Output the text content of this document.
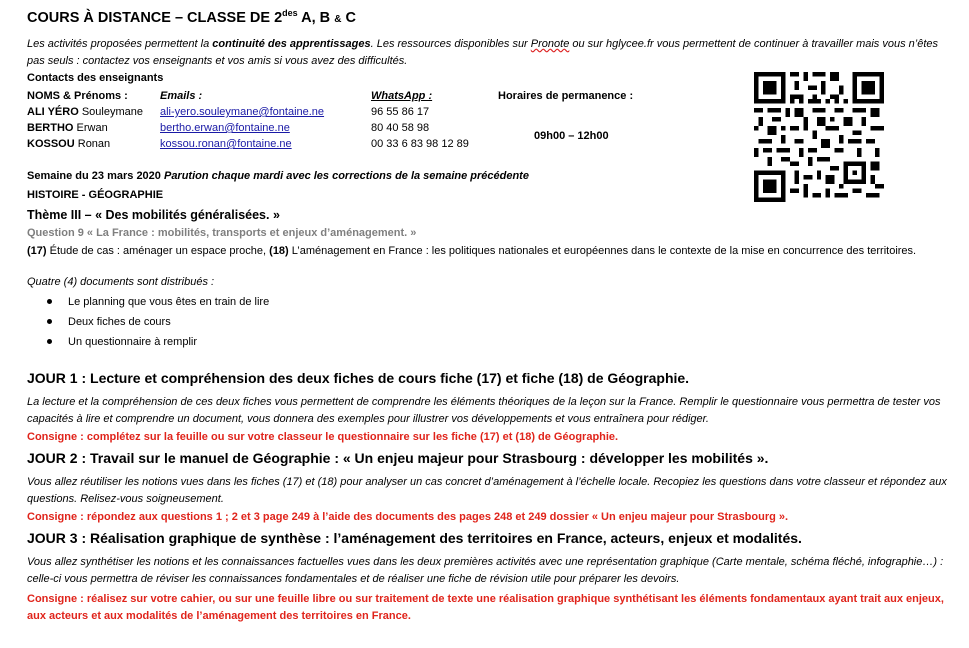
COURS À DISTANCE – CLASSE DE $2^{des}$ A, B & C
Les activités proposées permettent la continuité des apprentissages. Les ressources disponibles sur Pronote ou sur hglycee.fr vous permettent de continuer à travailler mais vous n’êtes pas seuls : contactez vos enseignants et vos amis si vous avez des difficultés.
Contacts des enseignants
NOMS & Prénoms :	Emails :	WhatsApp :	Horaires de permanence :
ALI YÉRO Souleymane ali-yero.souleymane@fontaine.ne	96 55 86 17
BERTHO Erwan	bertho.erwan@fontaine.ne	80 40 58 98
KOSSOU Ronan	kossou.ronan@fontaine.ne	00 33 6 83 98 12 89
09h00 – 12h00
Semaine du 23 mars 2020 Parution chaque mardi avec les corrections de la semaine précédente
HISTOIRE - GÉOGRAPHIE
Thème III – « Des mobilités généralisées. »
Question 9 « La France : mobilités, transports et enjeux d’aménagement. »
(17) Étude de cas : aménager un espace proche, (18) L’aménagement en France : les politiques nationales et européennes dans le contexte de la mise en concurrence des territoires.
Quatre (4) documents sont distribués :
Le planning que vous êtes en train de lire
Deux fiches de cours
Un questionnaire à remplir
JOUR 1 : Lecture et compréhension des deux fiches de cours fiche (17) et fiche (18) de Géographie.
La lecture et la compréhension de ces deux fiches vous permettent de comprendre les éléments théoriques de la leçon sur la France. Remplir le questionnaire vous permettra de tester vos capacités à lire et comprendre un document, vous donnera des exemples pour illustrer vos développements et vous entraînera pour rédiger.
Consigne : complétez sur la feuille ou sur votre classeur le questionnaire sur les fiche (17) et (18) de Géographie.
JOUR 2 : Travail sur le manuel de Géographie : « Un enjeu majeur pour Strasbourg : développer les mobilités ».
Vous allez réutiliser les notions vues dans les fiches (17) et (18) pour analyser un cas concret d’aménagement à l’échelle locale. Recopiez les questions dans votre classeur et répondez aux questions. Relisez-vous soigneusement.
Consigne : répondez aux questions 1 ; 2 et 3 page 249 à l’aide des documents des pages 248 et 249 dossier « Un enjeu majeur pour Strasbourg ».
JOUR 3 : Réalisation graphique de synthèse : l’aménagement des territoires en France, acteurs, enjeux et modalités.
Vous allez synthétiser les notions et les connaissances factuelles vues dans les deux premières activités avec une représentation graphique (Carte mentale, schéma fléché, infographie…) : celle-ci vous permettra de réviser les connaissances fondamentales et de réaliser une fiche de révision utile pour préparer les devoirs.
Consigne : réalisez sur votre cahier, ou sur une feuille libre ou sur traitement de texte une réalisation graphique synthétisant les éléments fondamentaux ayant trait aux enjeux, aux acteurs et aux modalités de l’aménagement des territoires en France.
